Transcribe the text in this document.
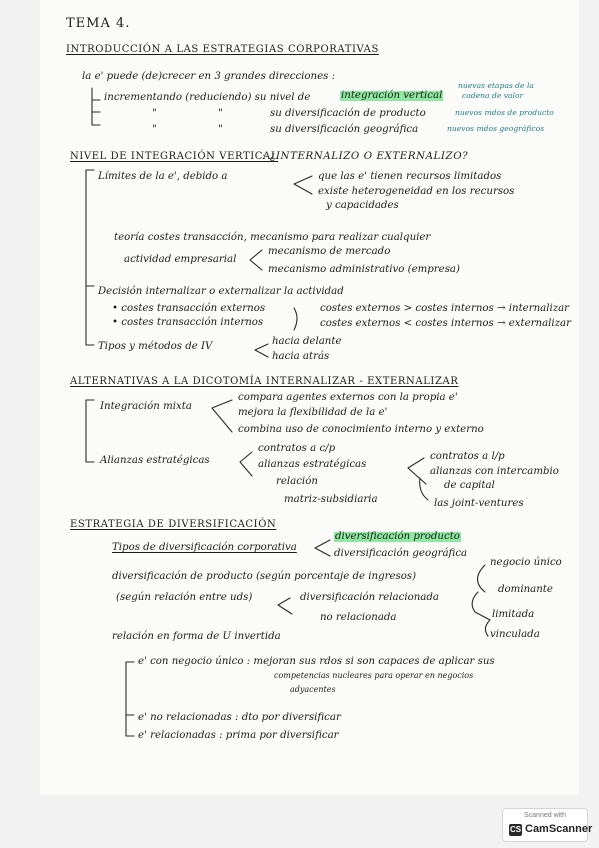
TEMA 4.
INTRODUCCIÓN A LAS ESTRATEGIAS CORPORATIVAS
la e' puede (de)crecer en 3 grandes direcciones :
incrementando (reduciendo) su nivel de	integración vertical
nuevas etapas de la
cadena de valor
"	"	su diversificación de producto	nuevos mdos de producto
"	"	su diversificación geográfica	nuevos mdos geográficos
NIVEL DE INTEGRACIÓN VERTICAL
: ¿INTERNALIZO O EXTERNALIZO?
Límites de la e', debido a	que las e' tienen recursos limitados
existe heterogeneidad en los recursos
y capacidades
teoría costes transacción, mecanismo para realizar cualquier
actividad empresarial
mecanismo de mercado
mecanismo administrativo (empresa)
Decisión internalizar o externalizar la actividad
• costes transacción externos
• costes transacción internos
costes externos > costes internos → internalizar
costes externos < costes internos → externalizar
Tipos y métodos de IV	hacia delante
hacia atrás
ALTERNATIVAS A LA DICOTOMÍA INTERNALIZAR - EXTERNALIZAR
Integración mixta
compara agentes externos con la propia e'
mejora la flexibilidad de la e'
combina uso de conocimiento interno y externo
Alianzas estratégicas
contratos a c/p
alianzas estratégicas
relación
matriz-subsidiaria
contratos a l/p
alianzas con intercambio
de capital
las joint-ventures
ESTRATEGIA DE DIVERSIFICACIÓN
Tipos de diversificación corporativa
diversificación producto
diversificación geográfica
diversificación de producto (según porcentaje de ingresos)
(según relación entre uds)	diversificación relacionada
no relacionada
negocio único
dominante
limitada
vinculada
relación en forma de U invertida
e' con negocio único : mejoran sus rdos si son capaces de aplicar sus
competencias nucleares para operar en negocios
adyacentes
e' no relacionadas : dto por diversificar
e' relacionadas : prima por diversificar
Scanned with
CS CamScanner
